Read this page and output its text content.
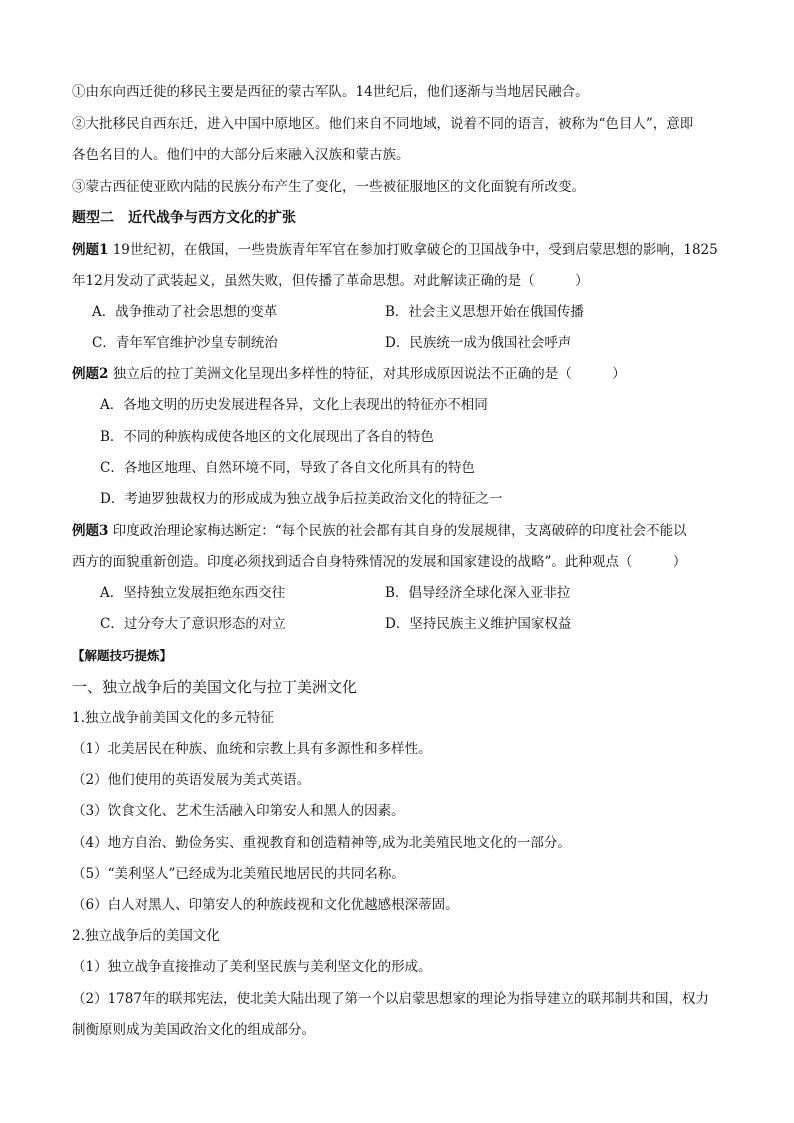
①由东向西迁徙的移民主要是西征的蒙古军队。14世纪后，他们逐渐与当地居民融合。
②大批移民自西东迁，进入中国中原地区。他们来自不同地域，说着不同的语言，被称为“色目人”，意即
各色名目的人。他们中的大部分后来融入汉族和蒙古族。
③蒙古西征使亚欧内陆的民族分布产生了变化，一些被征服地区的文化面貌有所改变。
题型二　近代战争与西方文化的扩张
例题1 19世纪初，在俄国，一些贵族青年军官在参加打败拿破仑的卫国战争中，受到启蒙思想的影响，1825
年12月发动了武装起义，虽然失败，但传播了革命思想。对此解读正确的是（　　　）
A．战争推动了社会思想的变革	B．社会主义思想开始在俄国传播
C．青年军官维护沙皇专制统治	D．民族统一成为俄国社会呼声
例题2 独立后的拉丁美洲文化呈现出多样性的特征，对其形成原因说法不正确的是（　　　）
A．各地文明的历史发展进程各异，文化上表现出的特征亦不相同
B．不同的种族构成使各地区的文化展现出了各自的特色
C．各地区地理、自然环境不同，导致了各自文化所具有的特色
D．考迪罗独裁权力的形成成为独立战争后拉美政治文化的特征之一
例题3 印度政治理论家梅达断定：“每个民族的社会都有其自身的发展规律，支离破碎的印度社会不能以
西方的面貌重新创造。印度必须找到适合自身特殊情况的发展和国家建设的战略”。此种观点（　　　）
A．坚持独立发展拒绝东西交往	B．倡导经济全球化深入亚非拉
C．过分夸大了意识形态的对立	D．坚持民族主义维护国家权益
【解题技巧提炼】
一、独立战争后的美国文化与拉丁美洲文化
1.独立战争前美国文化的多元特征
（1）北美居民在种族、血统和宗教上具有多源性和多样性。
（2）他们使用的英语发展为美式英语。
（3）饮食文化、艺术生活融入印第安人和黑人的因素。
（4）地方自治、勤俭务实、重视教育和创造精神等,成为北美殖民地文化的一部分。
（5）“美利坚人”已经成为北美殖民地居民的共同名称。
（6）白人对黑人、印第安人的种族歧视和文化优越感根深蒂固。
2.独立战争后的美国文化
（1）独立战争直接推动了美利坚民族与美利坚文化的形成。
（2）1787年的联邦宪法，使北美大陆出现了第一个以启蒙思想家的理论为指导建立的联邦制共和国，权力
制衡原则成为美国政治文化的组成部分。
